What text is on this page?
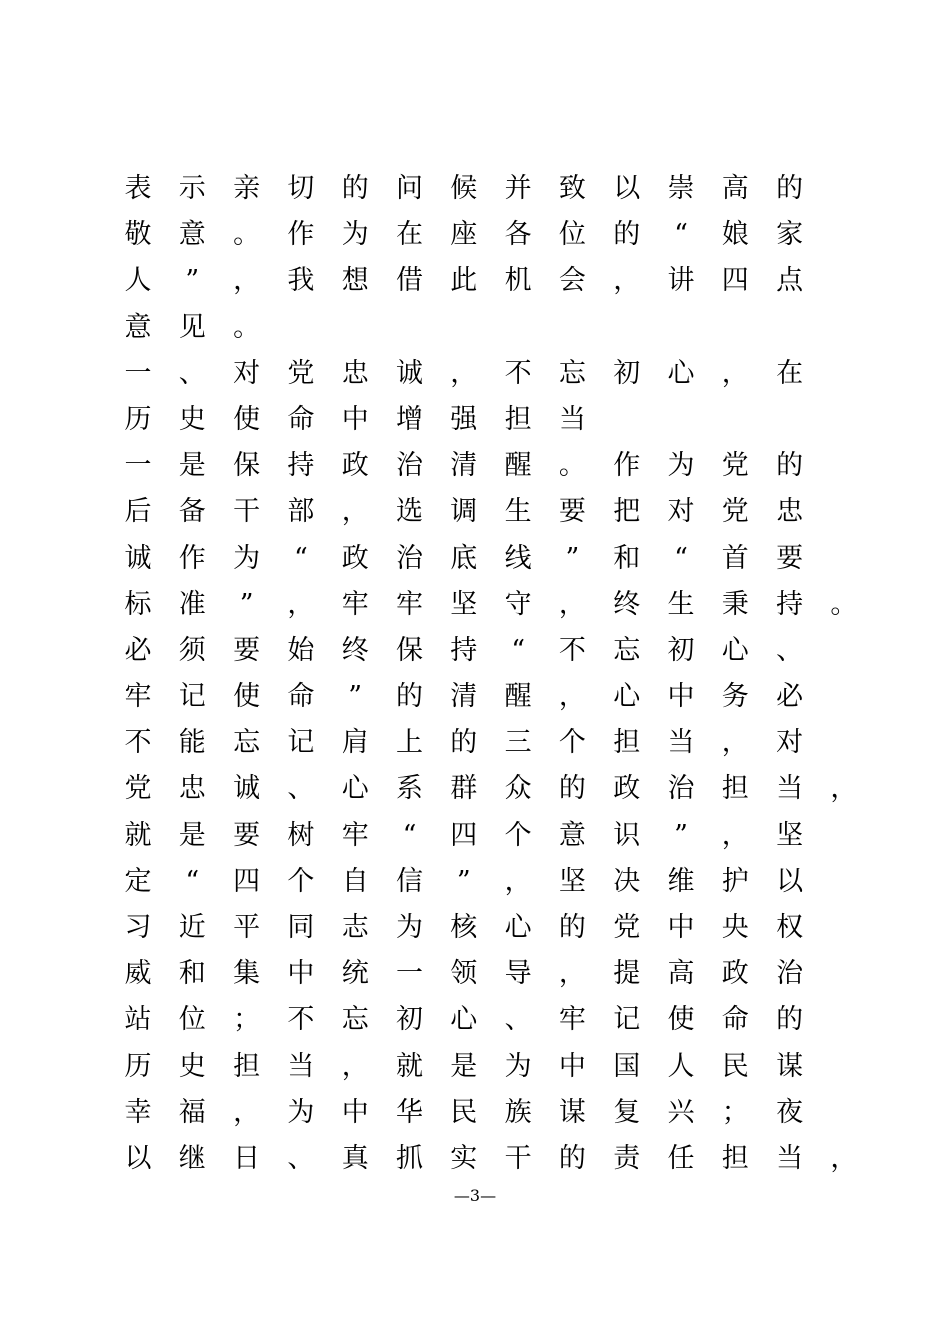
表 示 亲 切 的 问 候 并 致 以 崇 高 的
敬 意 。 作 为 在 座 各 位 的	“	娘 家
人	”	， 我 想 借 此 机 会 ， 讲 四 点
意 见 。
一 、 对 党 忠 诚 ， 不 忘 初 心 ， 在
历 史 使 命 中 增 强 担 当
一 是 保 持 政 治 清 醒 。 作 为 党 的
后 备 干 部 ， 选 调 生 要 把 对 党 忠
诚 作 为	“	政 治 底 线	”	和	“	首 要
标 准	”	， 牢 牢 坚 守 ， 终 生 秉 持 。
必 须 要 始 终 保 持	“	不 忘 初 心 、
牢 记 使 命	”	的 清 醒 ， 心 中 务 必
不 能 忘 记 肩 上 的 三 个 担 当 ， 对
党 忠 诚 、 心 系 群 众 的 政 治 担 当 ，
就 是 要 树 牢	“	四 个 意 识	”	， 坚
定	“	四 个 自 信	”	， 坚 决 维 护 以
习 近 平 同 志 为 核 心 的 党 中 央 权
威 和 集 中 统 一 领 导 ， 提 高 政 治
站 位 ； 不 忘 初 心 、 牢 记 使 命 的
历 史 担 当 ， 就 是 为 中 国 人 民 谋
幸 福 ， 为 中 华 民 族 谋 复 兴 ； 夜
以 继 日 、 真 抓 实 干 的 责 任 担 当 ，
—3—
